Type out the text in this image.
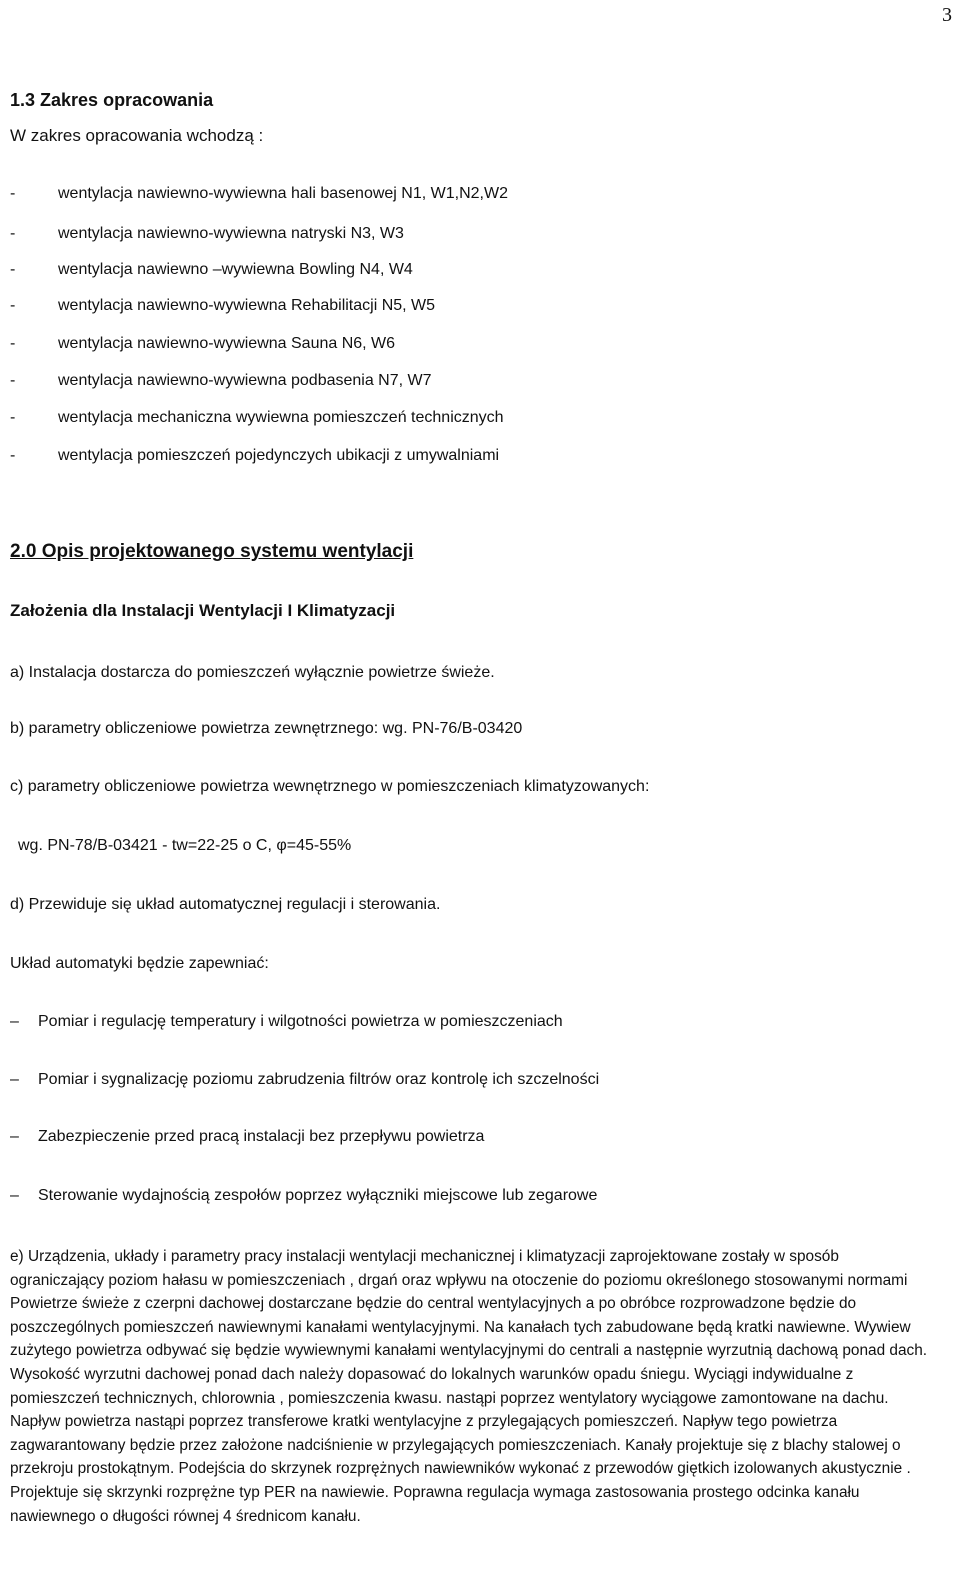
3
1.3 Zakres opracowania
W zakres opracowania wchodzą :
-	wentylacja nawiewno-wywiewna hali basenowej N1, W1,N2,W2
-	wentylacja nawiewno-wywiewna natryski N3, W3
-	wentylacja nawiewno –wywiewna Bowling N4, W4
-	wentylacja nawiewno-wywiewna Rehabilitacji N5, W5
-	wentylacja nawiewno-wywiewna Sauna N6, W6
-	wentylacja nawiewno-wywiewna podbasenia N7, W7
-	wentylacja mechaniczna wywiewna pomieszczeń technicznych
-	wentylacja pomieszczeń pojedynczych ubikacji z umywalniami
2.0 Opis projektowanego systemu wentylacji
Założenia dla Instalacji Wentylacji I Klimatyzacji
a) Instalacja dostarcza do pomieszczeń wyłącznie powietrze świeże.
b) parametry obliczeniowe powietrza zewnętrznego: wg. PN-76/B-03420
c) parametry obliczeniowe powietrza wewnętrznego w pomieszczeniach klimatyzowanych:
wg. PN-78/B-03421 - tw=22-25 o C, φ=45-55%
d) Przewiduje się układ automatycznej regulacji i sterowania.
Układ automatyki będzie zapewniać:
– Pomiar i regulację temperatury i wilgotności powietrza w pomieszczeniach
– Pomiar i sygnalizację poziomu zabrudzenia filtrów oraz kontrolę ich szczelności
– Zabezpieczenie przed pracą instalacji bez przepływu powietrza
– Sterowanie wydajnością zespołów poprzez wyłączniki miejscowe lub zegarowe

e) Urządzenia, układy i parametry pracy instalacji wentylacji mechanicznej i klimatyzacji zaprojektowane zostały w sposób ograniczający poziom hałasu w pomieszczeniach , drgań oraz wpływu na otoczenie do poziomu określonego stosowanymi normami Powietrze świeże z czerpni dachowej dostarczane będzie do central wentylacyjnych a po obróbce rozprowadzone będzie do poszczególnych pomieszczeń nawiewnymi kanałami wentylacyjnymi. Na kanałach tych zabudowane będą kratki nawiewne. Wywiew zużytego powietrza odbywać się będzie wywiewnymi kanałami wentylacyjnymi do centrali a następnie wyrzutnią dachową ponad dach. Wysokość wyrzutni dachowej ponad dach należy dopasować do lokalnych warunków opadu śniegu. Wyciągi indywidualne z pomieszczeń technicznych, chlorownia , pomieszczenia kwasu. nastąpi poprzez wentylatory wyciągowe zamontowane na dachu. Napływ powietrza nastąpi poprzez transferowe kratki wentylacyjne z przylegających pomieszczeń. Napływ tego powietrza zagwarantowany będzie przez założone nadciśnienie w przylegających pomieszczeniach. Kanały projektuje się z blachy stalowej o przekroju prostokątnym. Podejścia do skrzynek rozprężnych nawiewników wykonać z przewodów giętkich izolowanych akustycznie . Projektuje się skrzynki rozprężne typ PER na nawiewie. Poprawna regulacja wymaga zastosowania prostego odcinka kanału nawiewnego o długości równej 4 średnicom kanału.
